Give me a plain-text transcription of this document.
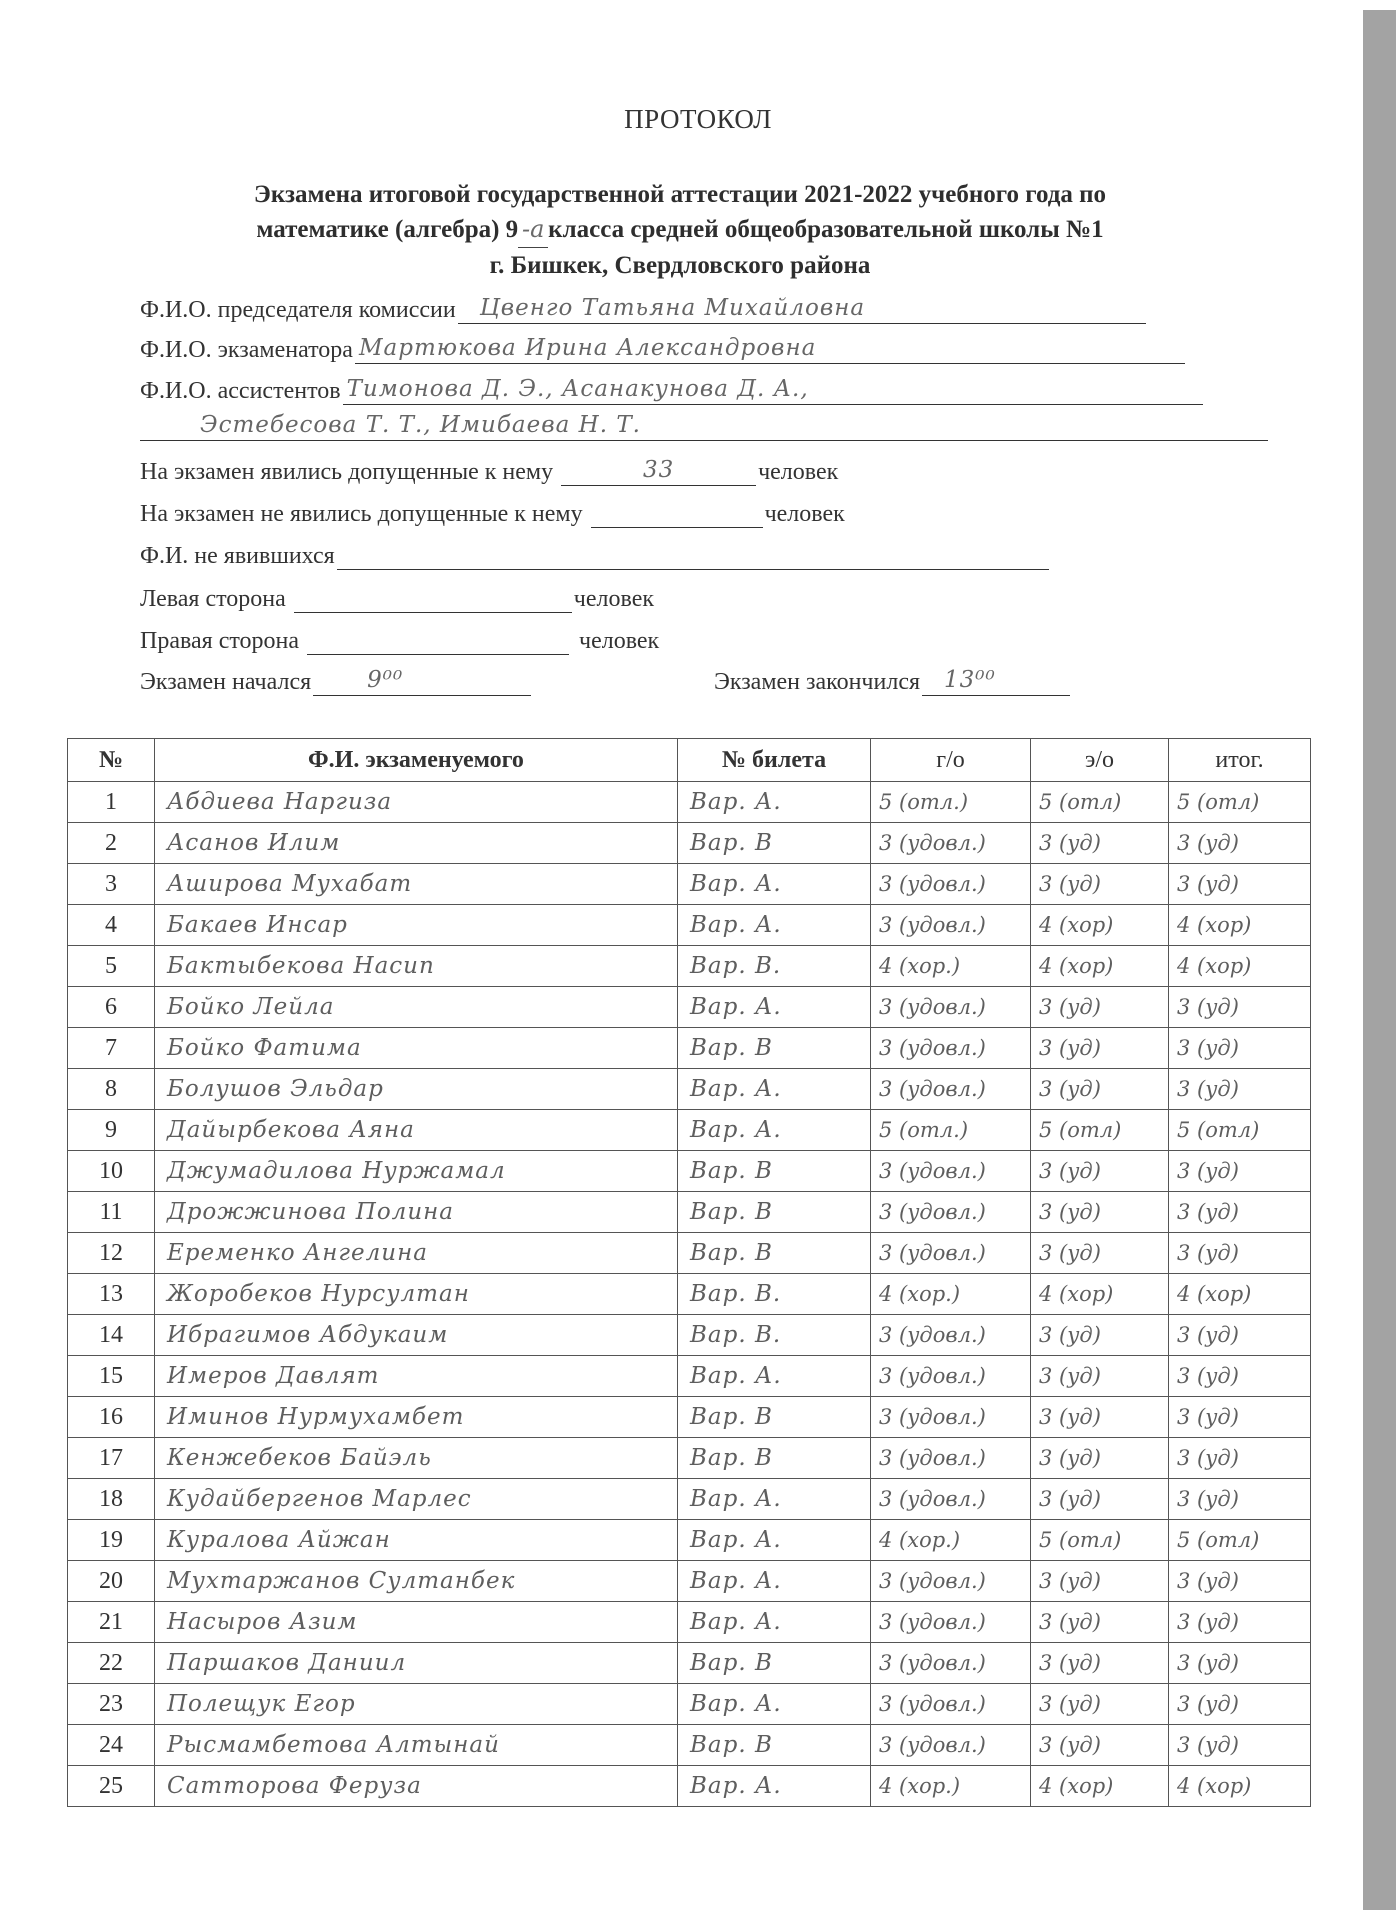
ПРОТОКОЛ
Экзамена итоговой государственной аттестации 2021-2022 учебного года по
математике (алгебра) 9 -а класса средней общеобразовательной школы №1
г. Бишкек, Свердловского района
Ф.И.О. председателя комиссии Цвенго Татьяна Михайловна
Ф.И.О. экзаменатора Мартюкова Ирина Александровна
Ф.И.О. ассистентов Тимонова Д. Э., Асанакунова Д. А.,
Эстебесова Т. Т., Имибаева Н. Т.
На экзамен явились допущенные к нему	33	человек
На экзамен не явились допущенные к нему	человек
Ф.И. не явившихся
Левая сторона	человек
Правая сторона	человек
Экзамен начался 9⁰⁰	Экзамен закончился 13⁰⁰
№	Ф.И. экзаменуемого	№ билета	г/о	э/о	итог.
1	Абдиева Наргиза	Вар. А.	5 (отл.)	5 (отл)	5 (отл)
2	Асанов Илим	Вар. В	3 (удовл.)	3 (уд)	3 (уд)
3	Аширова Мухабат	Вар. А.	3 (удовл.)	3 (уд)	3 (уд)
4	Бакаев Инсар	Вар. А.	3 (удовл.)	4 (хор)	4 (хор)
5	Бактыбекова Насип	Вар. В.	4 (хор.)	4 (хор)	4 (хор)
6	Бойко Лейла	Вар. А.	3 (удовл.)	3 (уд)	3 (уд)
7	Бойко Фатима	Вар. В	3 (удовл.)	3 (уд)	3 (уд)
8	Болушов Эльдар	Вар. А.	3 (удовл.)	3 (уд)	3 (уд)
9	Дайырбекова Аяна	Вар. А.	5 (отл.)	5 (отл)	5 (отл)
10	Джумадилова Нуржамал	Вар. В	3 (удовл.)	3 (уд)	3 (уд)
11	Дрожжинова Полина	Вар. В	3 (удовл.)	3 (уд)	3 (уд)
12	Еременко Ангелина	Вар. В	3 (удовл.)	3 (уд)	3 (уд)
13	Жоробеков Нурсултан	Вар. В.	4 (хор.)	4 (хор)	4 (хор)
14	Ибрагимов Абдукаим	Вар. В.	3 (удовл.)	3 (уд)	3 (уд)
15	Имеров Давлят	Вар. А.	3 (удовл.)	3 (уд)	3 (уд)
16	Иминов Нурмухамбет	Вар. В	3 (удовл.)	3 (уд)	3 (уд)
17	Кенжебеков Байэль	Вар. В	3 (удовл.)	3 (уд)	3 (уд)
18	Кудайбергенов Марлес	Вар. А.	3 (удовл.)	3 (уд)	3 (уд)
19	Куралова Айжан	Вар. А.	4 (хор.)	5 (отл)	5 (отл)
20	Мухтаржанов Султанбек	Вар. А.	3 (удовл.)	3 (уд)	3 (уд)
21	Насыров Азим	Вар. А.	3 (удовл.)	3 (уд)	3 (уд)
22	Паршаков Даниил	Вар. В	3 (удовл.)	3 (уд)	3 (уд)
23	Полещук Егор	Вар. А.	3 (удовл.)	3 (уд)	3 (уд)
24	Рысмамбетова Алтынай	Вар. В	3 (удовл.)	3 (уд)	3 (уд)
25	Сатторова Феруза	Вар. А.	4 (хор.)	4 (хор)	4 (хор)
